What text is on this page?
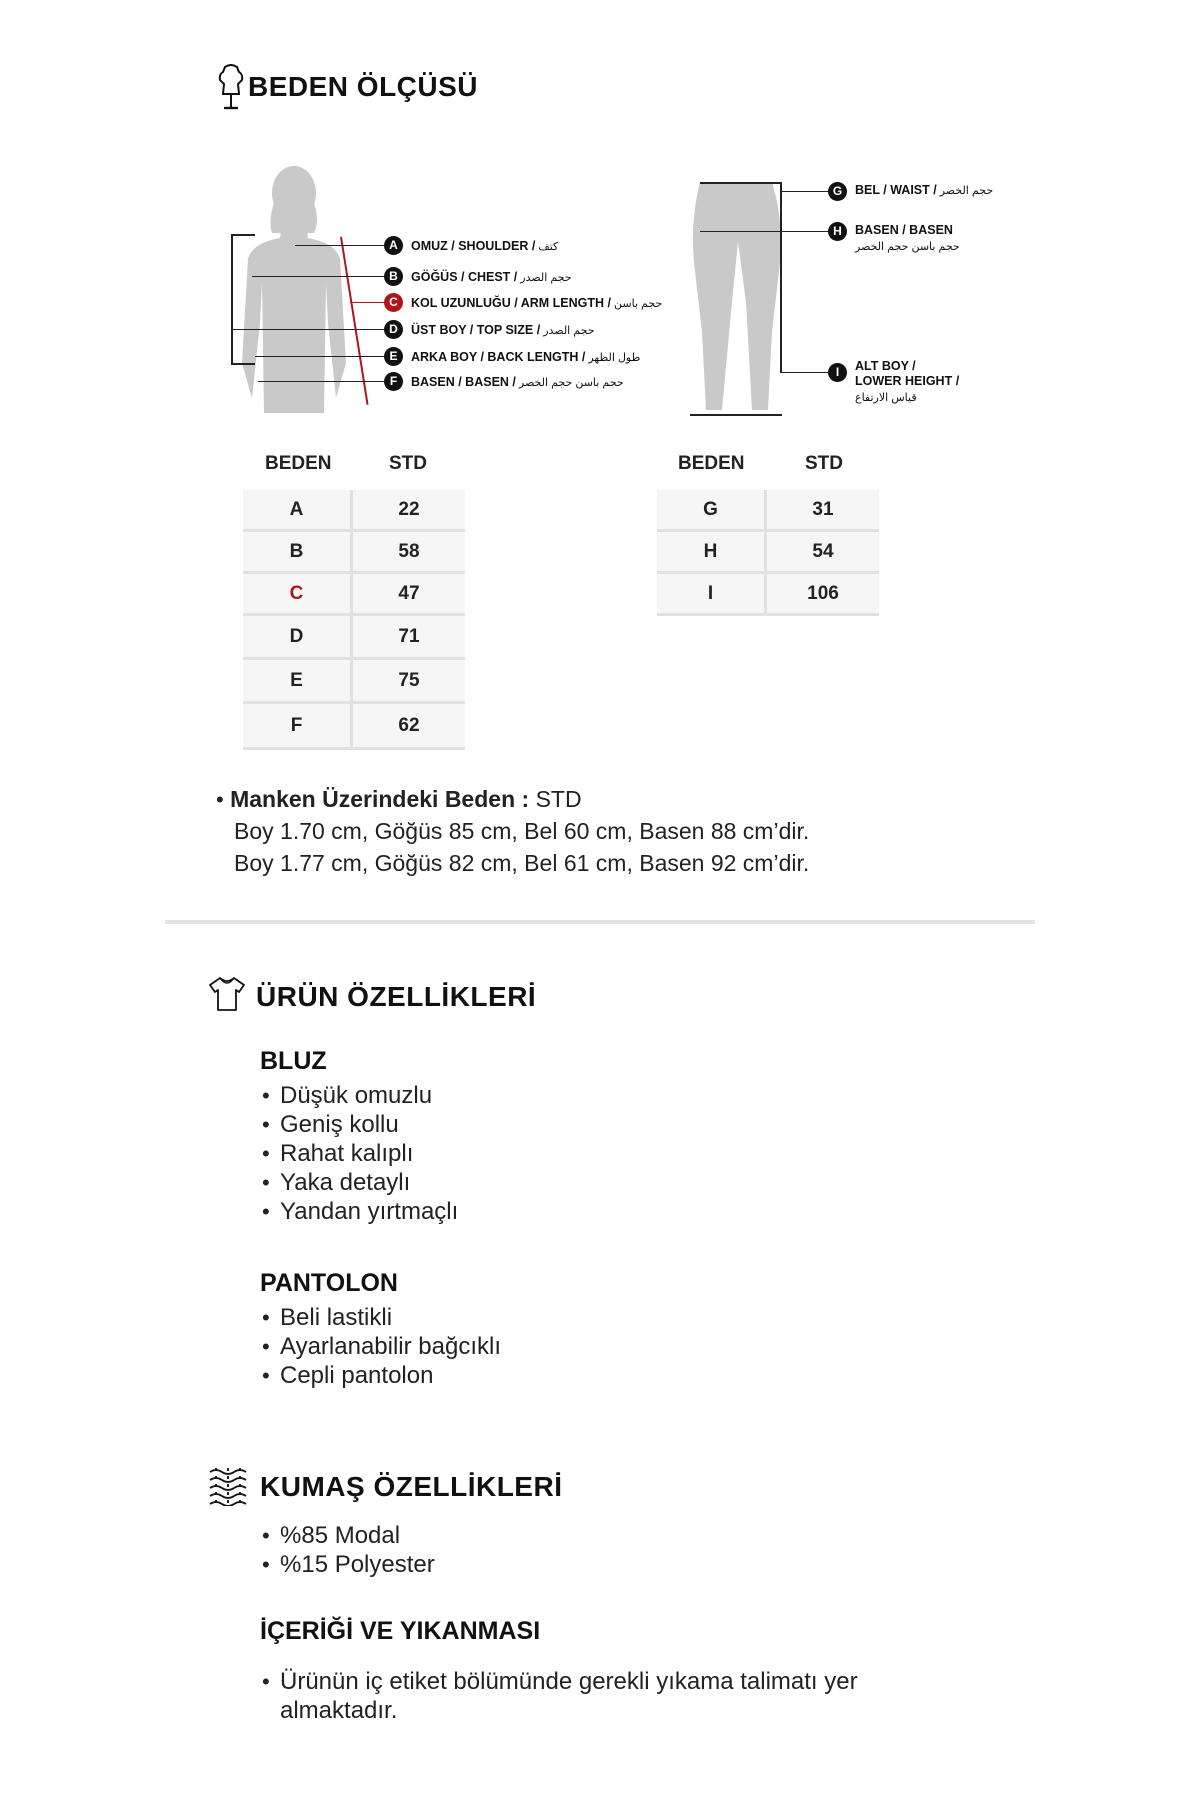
BEDEN ÖLÇÜSÜ
A	OMUZ / SHOULDER / كتف
B	GÖĞÜS / CHEST / حجم الصدر
C	KOL UZUNLUĞU / ARM LENGTH / حجم باسن
D	ÜST BOY / TOP SIZE / حجم الصدر
E	ARKA BOY / BACK LENGTH / طول الظهر
F	BASEN / BASEN / حجم باسن حجم الخصر
G	BEL / WAIST / حجم الخصر
H	BASEN / BASEN
حجم باسن حجم الخصر
I	ALT BOY /
LOWER HEIGHT /
قياس الارتفاع
BEDEN	STD
A	22
B	58
C	47
D	71
E	75
F	62
BEDEN	STD
G	31
H	54
I	106
• Manken Üzerindeki Beden : STD
Boy 1.70 cm, Göğüs 85 cm, Bel 60 cm, Basen 88 cm’dir.
Boy 1.77 cm, Göğüs 82 cm, Bel 61 cm, Basen 92 cm’dir.
ÜRÜN ÖZELLİKLERİ
BLUZ
• Düşük omuzlu
• Geniş kollu
• Rahat kalıplı
• Yaka detaylı
• Yandan yırtmaçlı
PANTOLON
• Beli lastikli
• Ayarlanabilir bağcıklı
• Cepli pantolon
KUMAŞ ÖZELLİKLERİ
• %85 Modal
• %15 Polyester
İÇERİĞİ VE YIKANMASI
• Ürünün iç etiket bölümünde gerekli yıkama talimatı yer almaktadır.
